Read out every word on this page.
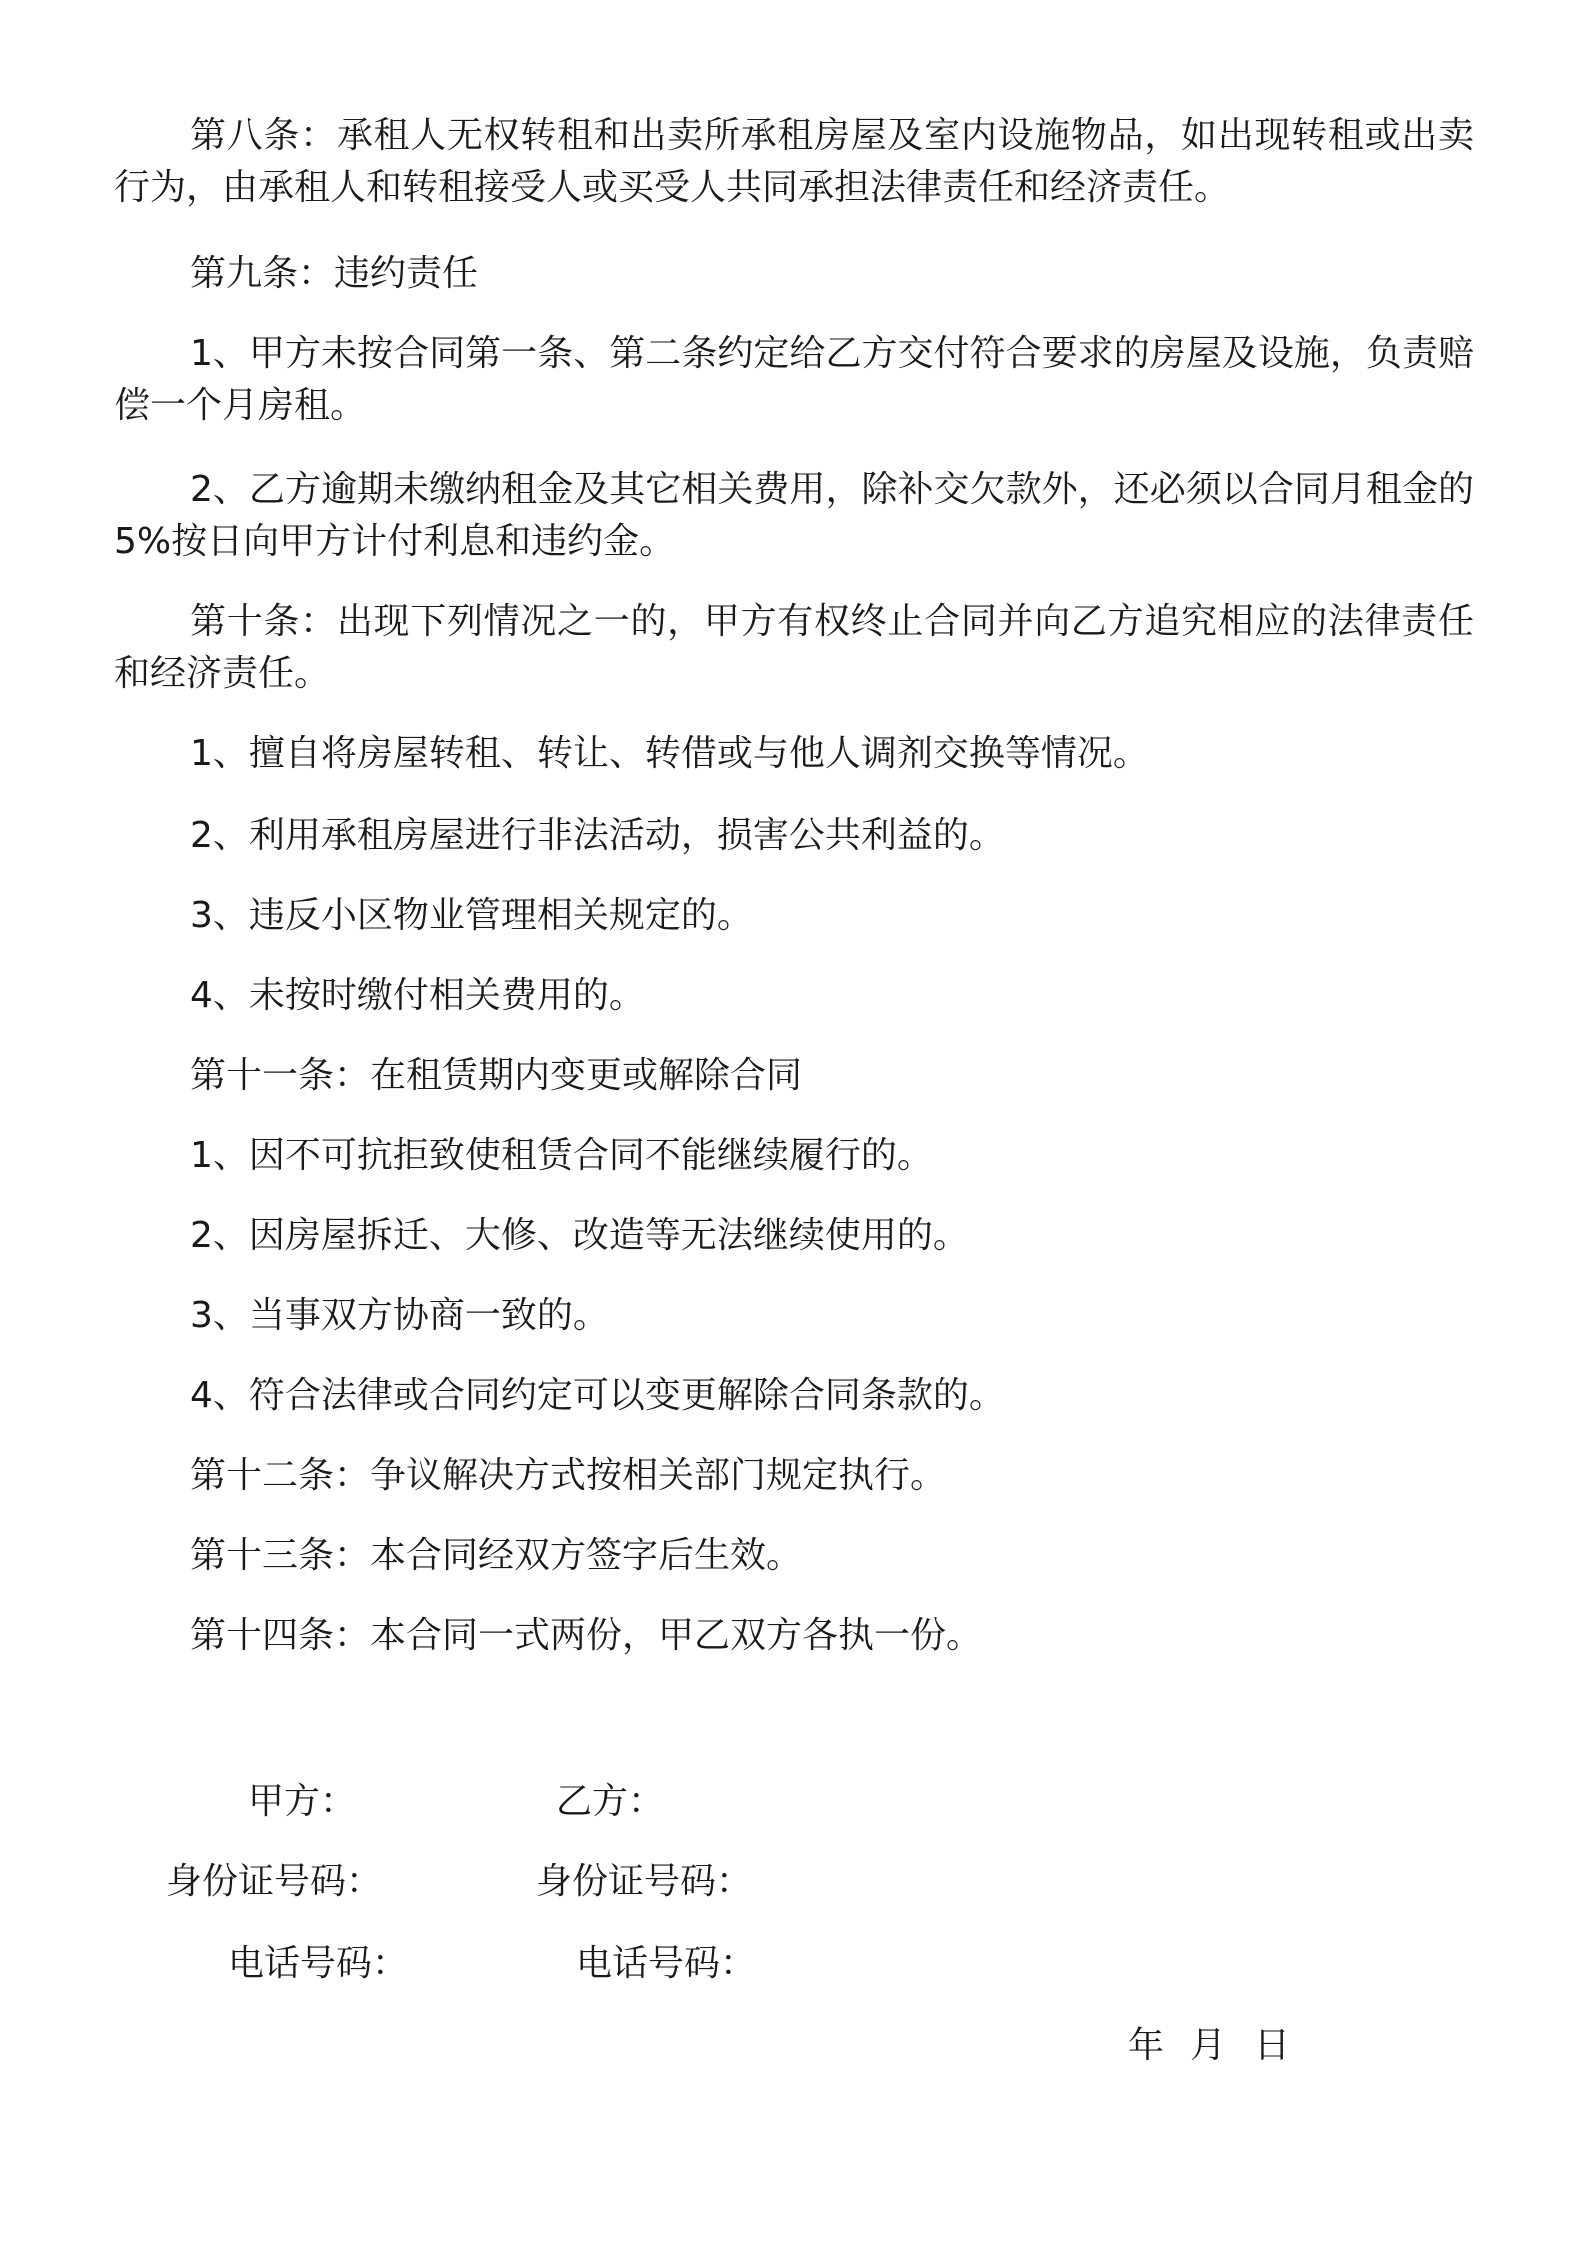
第八条：承租人无权转租和出卖所承租房屋及室内设施物品，如出现转租或出卖行为，由承租人和转租接受人或买受人共同承担法律责任和经济责任。

第九条：违约责任

1、甲方未按合同第一条、第二条约定给乙方交付符合要求的房屋及设施，负责赔偿一个月房租。

2、乙方逾期未缴纳租金及其它相关费用，除补交欠款外，还必须以合同月租金的 5%按日向甲方计付利息和违约金。

第十条：出现下列情况之一的，甲方有权终止合同并向乙方追究相应的法律责任和经济责任。

1、擅自将房屋转租、转让、转借或与他人调剂交换等情况。

2、利用承租房屋进行非法活动，损害公共利益的。

3、违反小区物业管理相关规定的。

4、未按时缴付相关费用的。

第十一条：在租赁期内变更或解除合同

1、因不可抗拒致使租赁合同不能继续履行的。

2、因房屋拆迁、大修、改造等无法继续使用的。

3、当事双方协商一致的。

4、符合法律或合同约定可以变更解除合同条款的。

第十二条：争议解决方式按相关部门规定执行。

第十三条：本合同经双方签字后生效。

第十四条：本合同一式两份，甲乙双方各执一份。

甲方：	乙方：

身份证号码：	身份证号码：

电话号码：	电话号码：

年 月 日
